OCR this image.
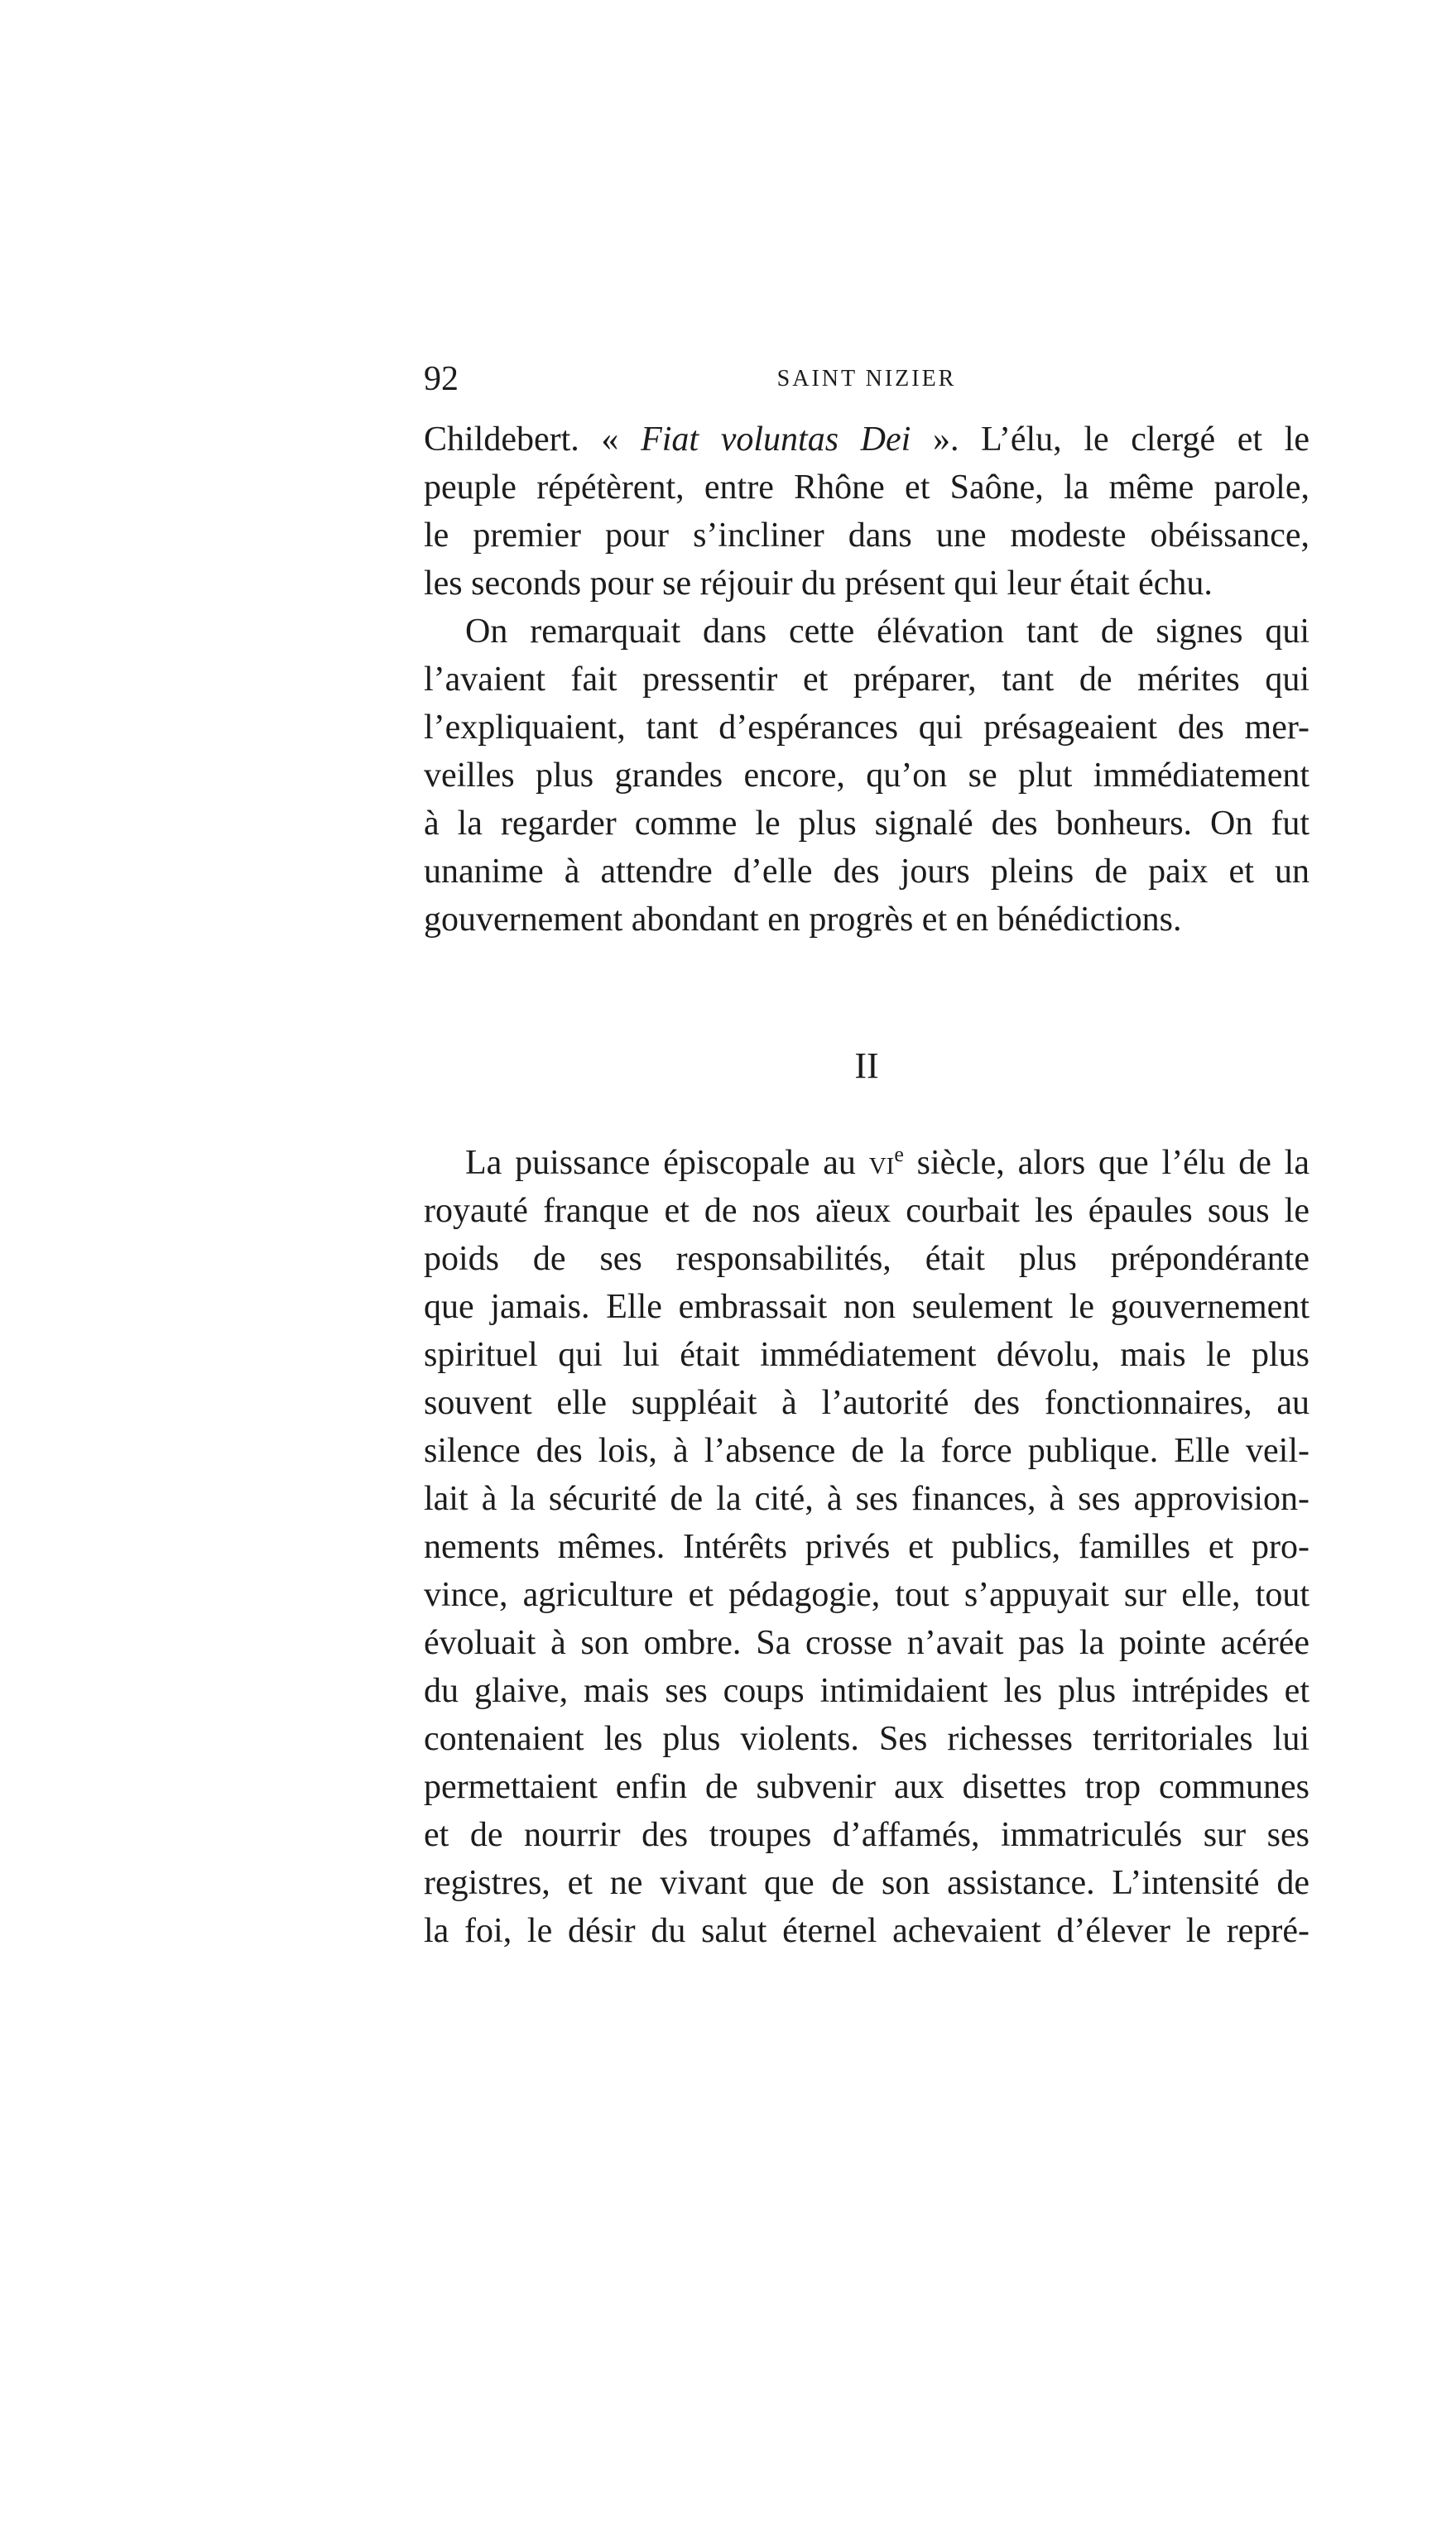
92	SAINT NIZIER
Childebert. « Fiat voluntas Dei ». L’élu, le clergé et le
peuple répétèrent, entre Rhône et Saône, la même parole,
le premier pour s’incliner dans une modeste obéissance,
les seconds pour se réjouir du présent qui leur était échu.
On remarquait dans cette élévation tant de signes qui
l’avaient fait pressentir et préparer, tant de mérites qui
l’expliquaient, tant d’espérances qui présageaient des mer-
veilles plus grandes encore, qu’on se plut immédiatement
à la regarder comme le plus signalé des bonheurs. On fut
unanime à attendre d’elle des jours pleins de paix et un
gouvernement abondant en progrès et en bénédictions.
II
La puissance épiscopale au $vi^e$ siècle, alors que l’élu de la
royauté franque et de nos aïeux courbait les épaules sous le
poids de ses responsabilités, était plus prépondérante
que jamais. Elle embrassait non seulement le gouvernement
spirituel qui lui était immédiatement dévolu, mais le plus
souvent elle suppléait à l’autorité des fonctionnaires, au
silence des lois, à l’absence de la force publique. Elle veil-
lait à la sécurité de la cité, à ses finances, à ses approvision-
nements mêmes. Intérêts privés et publics, familles et pro-
vince, agriculture et pédagogie, tout s’appuyait sur elle, tout
évoluait à son ombre. Sa crosse n’avait pas la pointe acérée
du glaive, mais ses coups intimidaient les plus intrépides et
contenaient les plus violents. Ses richesses territoriales lui
permettaient enfin de subvenir aux disettes trop communes
et de nourrir des troupes d’affamés, immatriculés sur ses
registres, et ne vivant que de son assistance. L’intensité de
la foi, le désir du salut éternel achevaient d’élever le repré-
